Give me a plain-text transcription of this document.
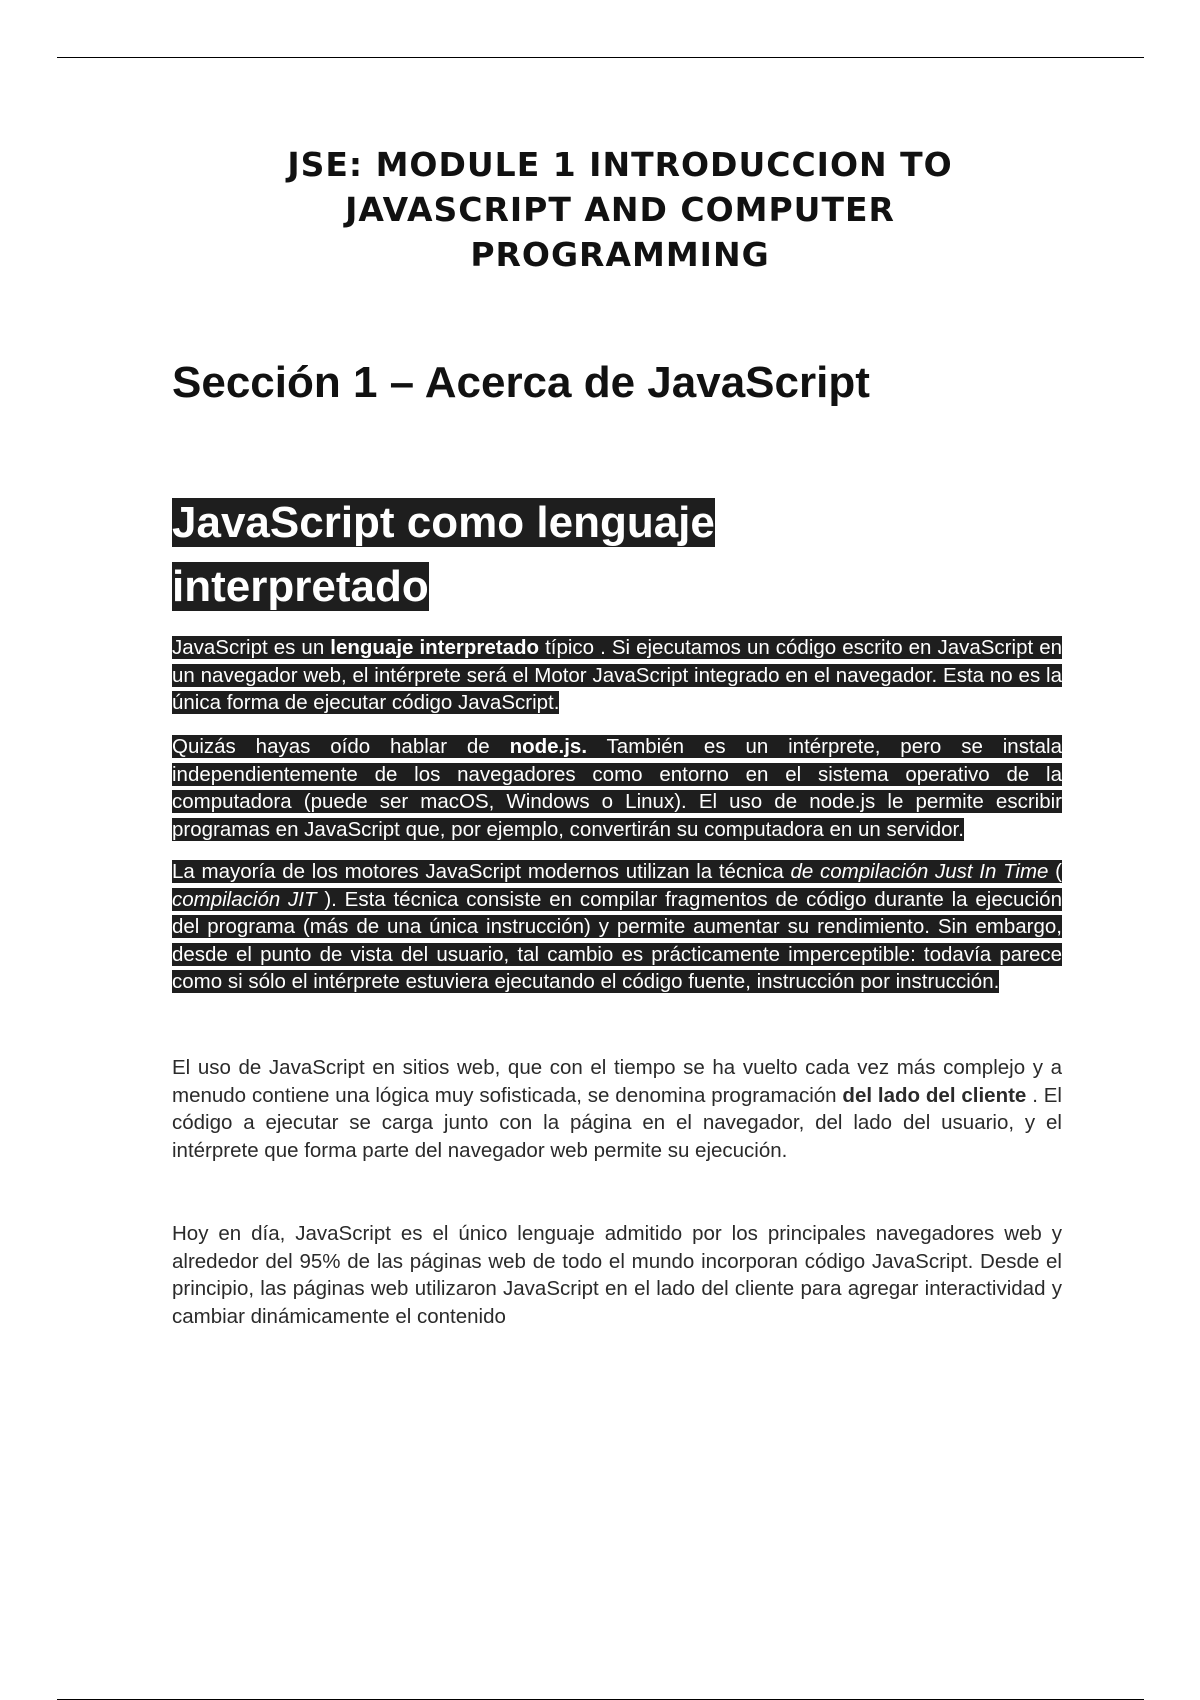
JSE: MODULE 1 INTRODUCCION TO
JAVASCRIPT AND COMPUTER
PROGRAMMING
Sección 1 – Acerca de JavaScript
JavaScript como lenguaje
interpretado

JavaScript es un lenguaje interpretado típico . Si ejecutamos un código escrito en JavaScript en un navegador web, el intérprete será el Motor JavaScript integrado en el navegador. Esta no es la única forma de ejecutar código JavaScript.

Quizás hayas oído hablar de node.js. También es un intérprete, pero se instala independientemente de los navegadores como entorno en el sistema operativo de la computadora (puede ser macOS, Windows o Linux). El uso de node.js le permite escribir programas en JavaScript que, por ejemplo, convertirán su computadora en un servidor.

La mayoría de los motores JavaScript modernos utilizan la técnica de compilación Just In Time ( compilación JIT ). Esta técnica consiste en compilar fragmentos de código durante la ejecución del programa (más de una única instrucción) y permite aumentar su rendimiento. Sin embargo, desde el punto de vista del usuario, tal cambio es prácticamente imperceptible: todavía parece como si sólo el intérprete estuviera ejecutando el código fuente, instrucción por instrucción.

El uso de JavaScript en sitios web, que con el tiempo se ha vuelto cada vez más complejo y a menudo contiene una lógica muy sofisticada, se denomina programación del lado del cliente . El código a ejecutar se carga junto con la página en el navegador, del lado del usuario, y el intérprete que forma parte del navegador web permite su ejecución.

Hoy en día, JavaScript es el único lenguaje admitido por los principales navegadores web y alrededor del 95% de las páginas web de todo el mundo incorporan código JavaScript. Desde el principio, las páginas web utilizaron JavaScript en el lado del cliente para agregar interactividad y cambiar dinámicamente el contenido
